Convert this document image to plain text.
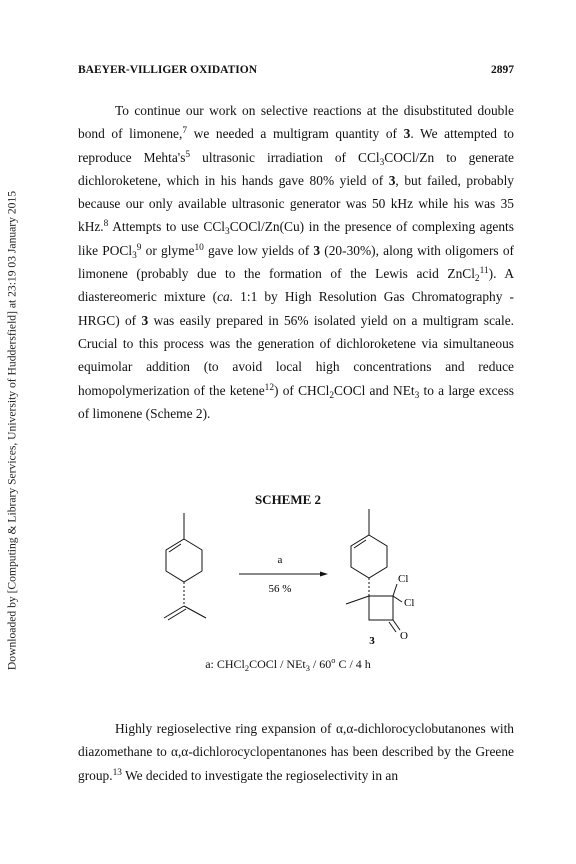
Downloaded by [Computing & Library Services, University of Huddersfield] at 23:19 03 January 2015
BAEYER-VILLIGER OXIDATION	2897
To continue our work on selective reactions at the disubstituted double bond of limonene,$^7$ we needed a multigram quantity of 3. We attempted to reproduce $Mehta's^5$ ultrasonic irradiation of CCl$_3$COCl/Zn to generate dichloroketene, which in his hands gave 80% yield of 3, but failed, probably because our only available ultrasonic generator was 50 kHz while his was 35 kHz.$^8$ Attempts to use CCl$_3$COCl/Zn(Cu) in the presence of complexing agents like POCl$_3^9$ or glyme$^{10}$ gave low yields of 3 (20-30%), along with oligomers of limonene (probably due to the formation of the Lewis acid ZnCl$_2^{11}$). A diastereomeric mixture (ca. 1:1 by High Resolution Gas Chromatography - HRGC) of 3 was easily prepared in 56% isolated yield on a multigram scale. Crucial to this process was the generation of dichloroketene via simultaneous equimolar addition (to avoid local high concentrations and reduce homopolymerization of the ketene$^{12}$) of CHCl$_2$COCl and NEt$_3$ to a large excess of limonene (Scheme 2).
SCHEME 2
a
56 %
Cl
Cl
O
3
a: CHCl$_2$COCl / NEt$_3$ / 60$^o$ C / 4 h
Highly regioselective ring expansion of α,α-dichlorocyclobutanones with diazomethane to α,α-dichlorocyclopentanones has been described by the Greene group.$^{13}$ We decided to investigate the regioselectivity in an
